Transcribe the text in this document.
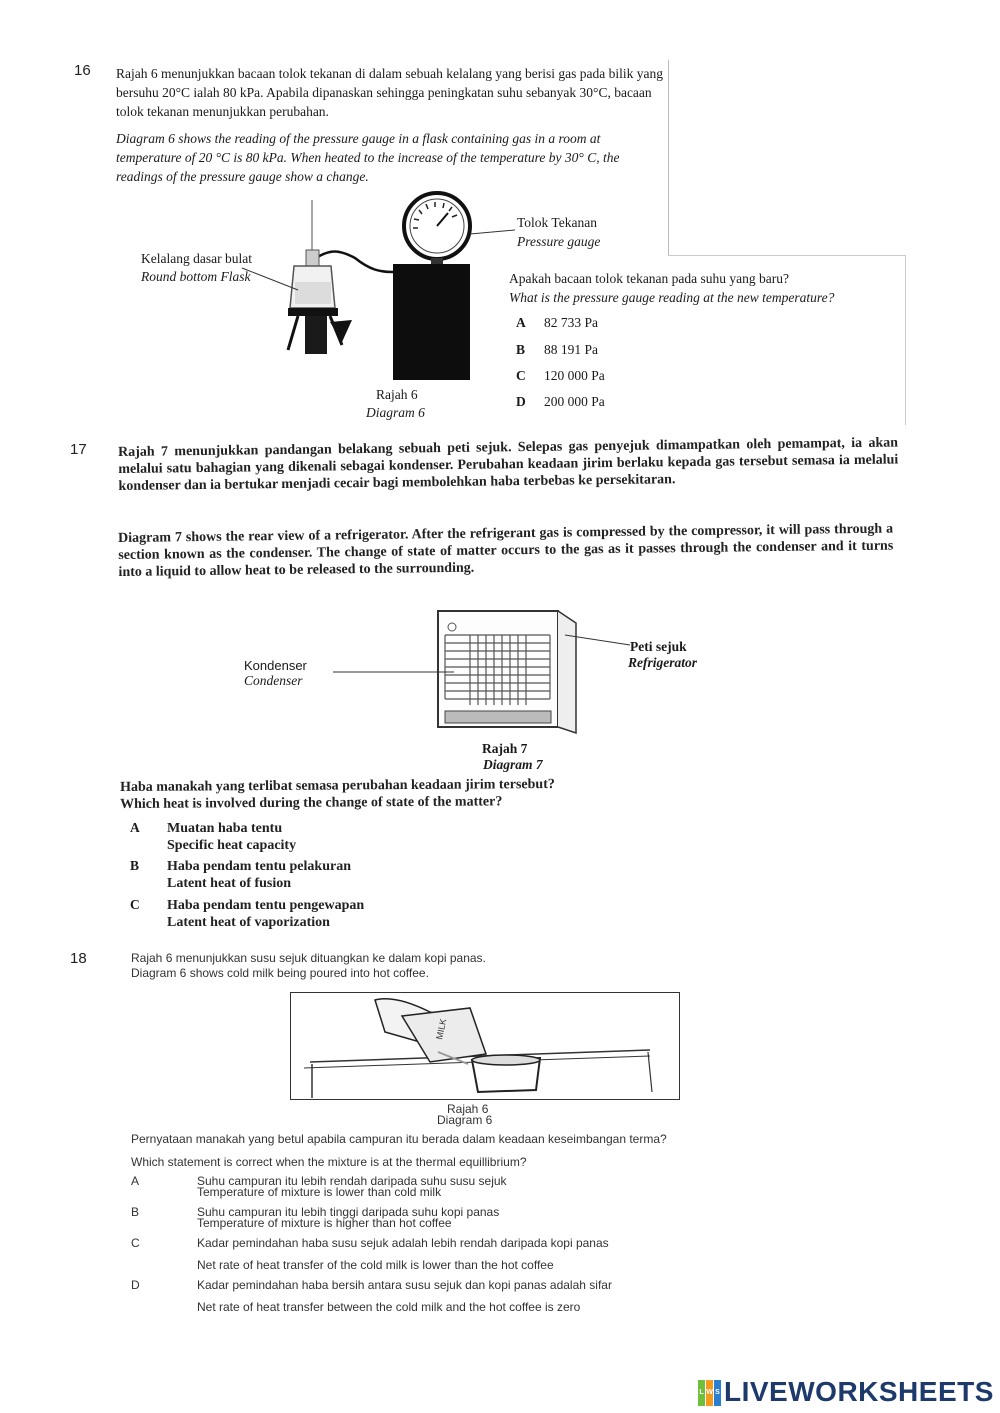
16 Rajah 6 menunjukkan bacaan tolok tekanan di dalam sebuah kelalang yang berisi gas pada bilik yang bersuhu 20°C ialah 80 kPa. Apabila dipanaskan sehingga peningkatan suhu sebanyak 30°C, bacaan tolok tekanan menunjukkan perubahan.
Diagram 6 shows the reading of the pressure gauge in a flask containing gas in a room at temperature of 20 °C is 80 kPa. When heated to the increase of the temperature by 30° C, the readings of the pressure gauge show a change.
Tolok Tekanan
Pressure gauge
Kelalang dasar bulat
Round bottom Flask
Rajah 6
Diagram 6
Apakah bacaan tolok tekanan pada suhu yang baru?
What is the pressure gauge reading at the new temperature?
A 82 733 Pa
B 88 191 Pa
C 120 000 Pa
D 200 000 Pa
17 Rajah 7 menunjukkan pandangan belakang sebuah peti sejuk. Selepas gas penyejuk dimampatkan oleh pemampat, ia akan melalui satu bahagian yang dikenali sebagai kondenser. Perubahan keadaan jirim berlaku kepada gas tersebut semasa ia melalui kondenser dan ia bertukar menjadi cecair bagi membolehkan haba terbebas ke persekitaran.
Diagram 7 shows the rear view of a refrigerator. After the refrigerant gas is compressed by the compressor, it will pass through a section known as the condenser. The change of state of matter occurs to the gas as it passes through the condenser and it turns into a liquid to allow heat to be released to the surrounding.
Kondenser
Condenser
Peti sejuk
Refrigerator
Rajah 7
Diagram 7
Haba manakah yang terlibat semasa perubahan keadaan jirim tersebut?
Which heat is involved during the change of state of the matter?
A Muatan haba tentu
Specific heat capacity
B Haba pendam tentu pelakuran
Latent heat of fusion
C Haba pendam tentu pengewapan
Latent heat of vaporization
18	Rajah 6 menunjukkan susu sejuk dituangkan ke dalam kopi panas.
Diagram 6 shows cold milk being poured into hot coffee.
MILK
Rajah 6
Diagram 6
Pernyataan manakah yang betul apabila campuran itu berada dalam keadaan keseimbangan terma?
Which statement is correct when the mixture is at the thermal equillibrium?
A	Suhu campuran itu lebih rendah daripada suhu susu sejuk
Temperature of mixture is lower than cold milk
B	Suhu campuran itu lebih tinggi daripada suhu kopi panas
Temperature of mixture is higher than hot coffee
C	Kadar pemindahan haba susu sejuk adalah lebih rendah daripada kopi panas
Net rate of heat transfer of the cold milk is lower than the hot coffee
D	Kadar pemindahan haba bersih antara susu sejuk dan kopi panas adalah sifar
Net rate of heat transfer between the cold milk and the hot coffee is zero
L W S LIVEWORKSHEETS
